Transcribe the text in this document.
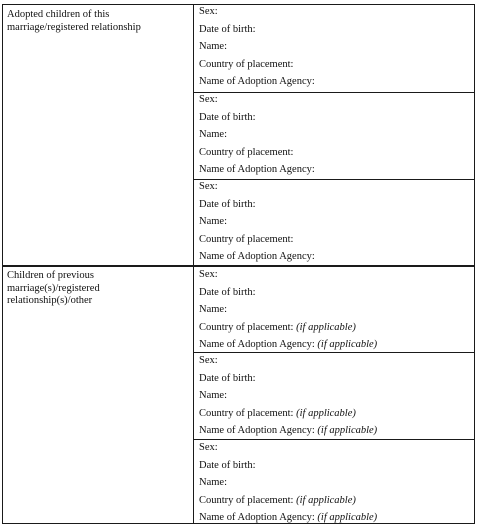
Adopted children of this marriage/registered relationship
Sex:
Date of birth:
Name:
Country of placement:
Name of Adoption Agency:
Sex:
Date of birth:
Name:
Country of placement:
Name of Adoption Agency:
Sex:
Date of birth:
Name:
Country of placement:
Name of Adoption Agency:
Children of previous marriage(s)/registered relationship(s)/other
Sex:
Date of birth:
Name:
Country of placement: (if applicable)
Name of Adoption Agency: (if applicable)
Sex:
Date of birth:
Name:
Country of placement: (if applicable)
Name of Adoption Agency: (if applicable)
Sex:
Date of birth:
Name:
Country of placement: (if applicable)
Name of Adoption Agency: (if applicable)
